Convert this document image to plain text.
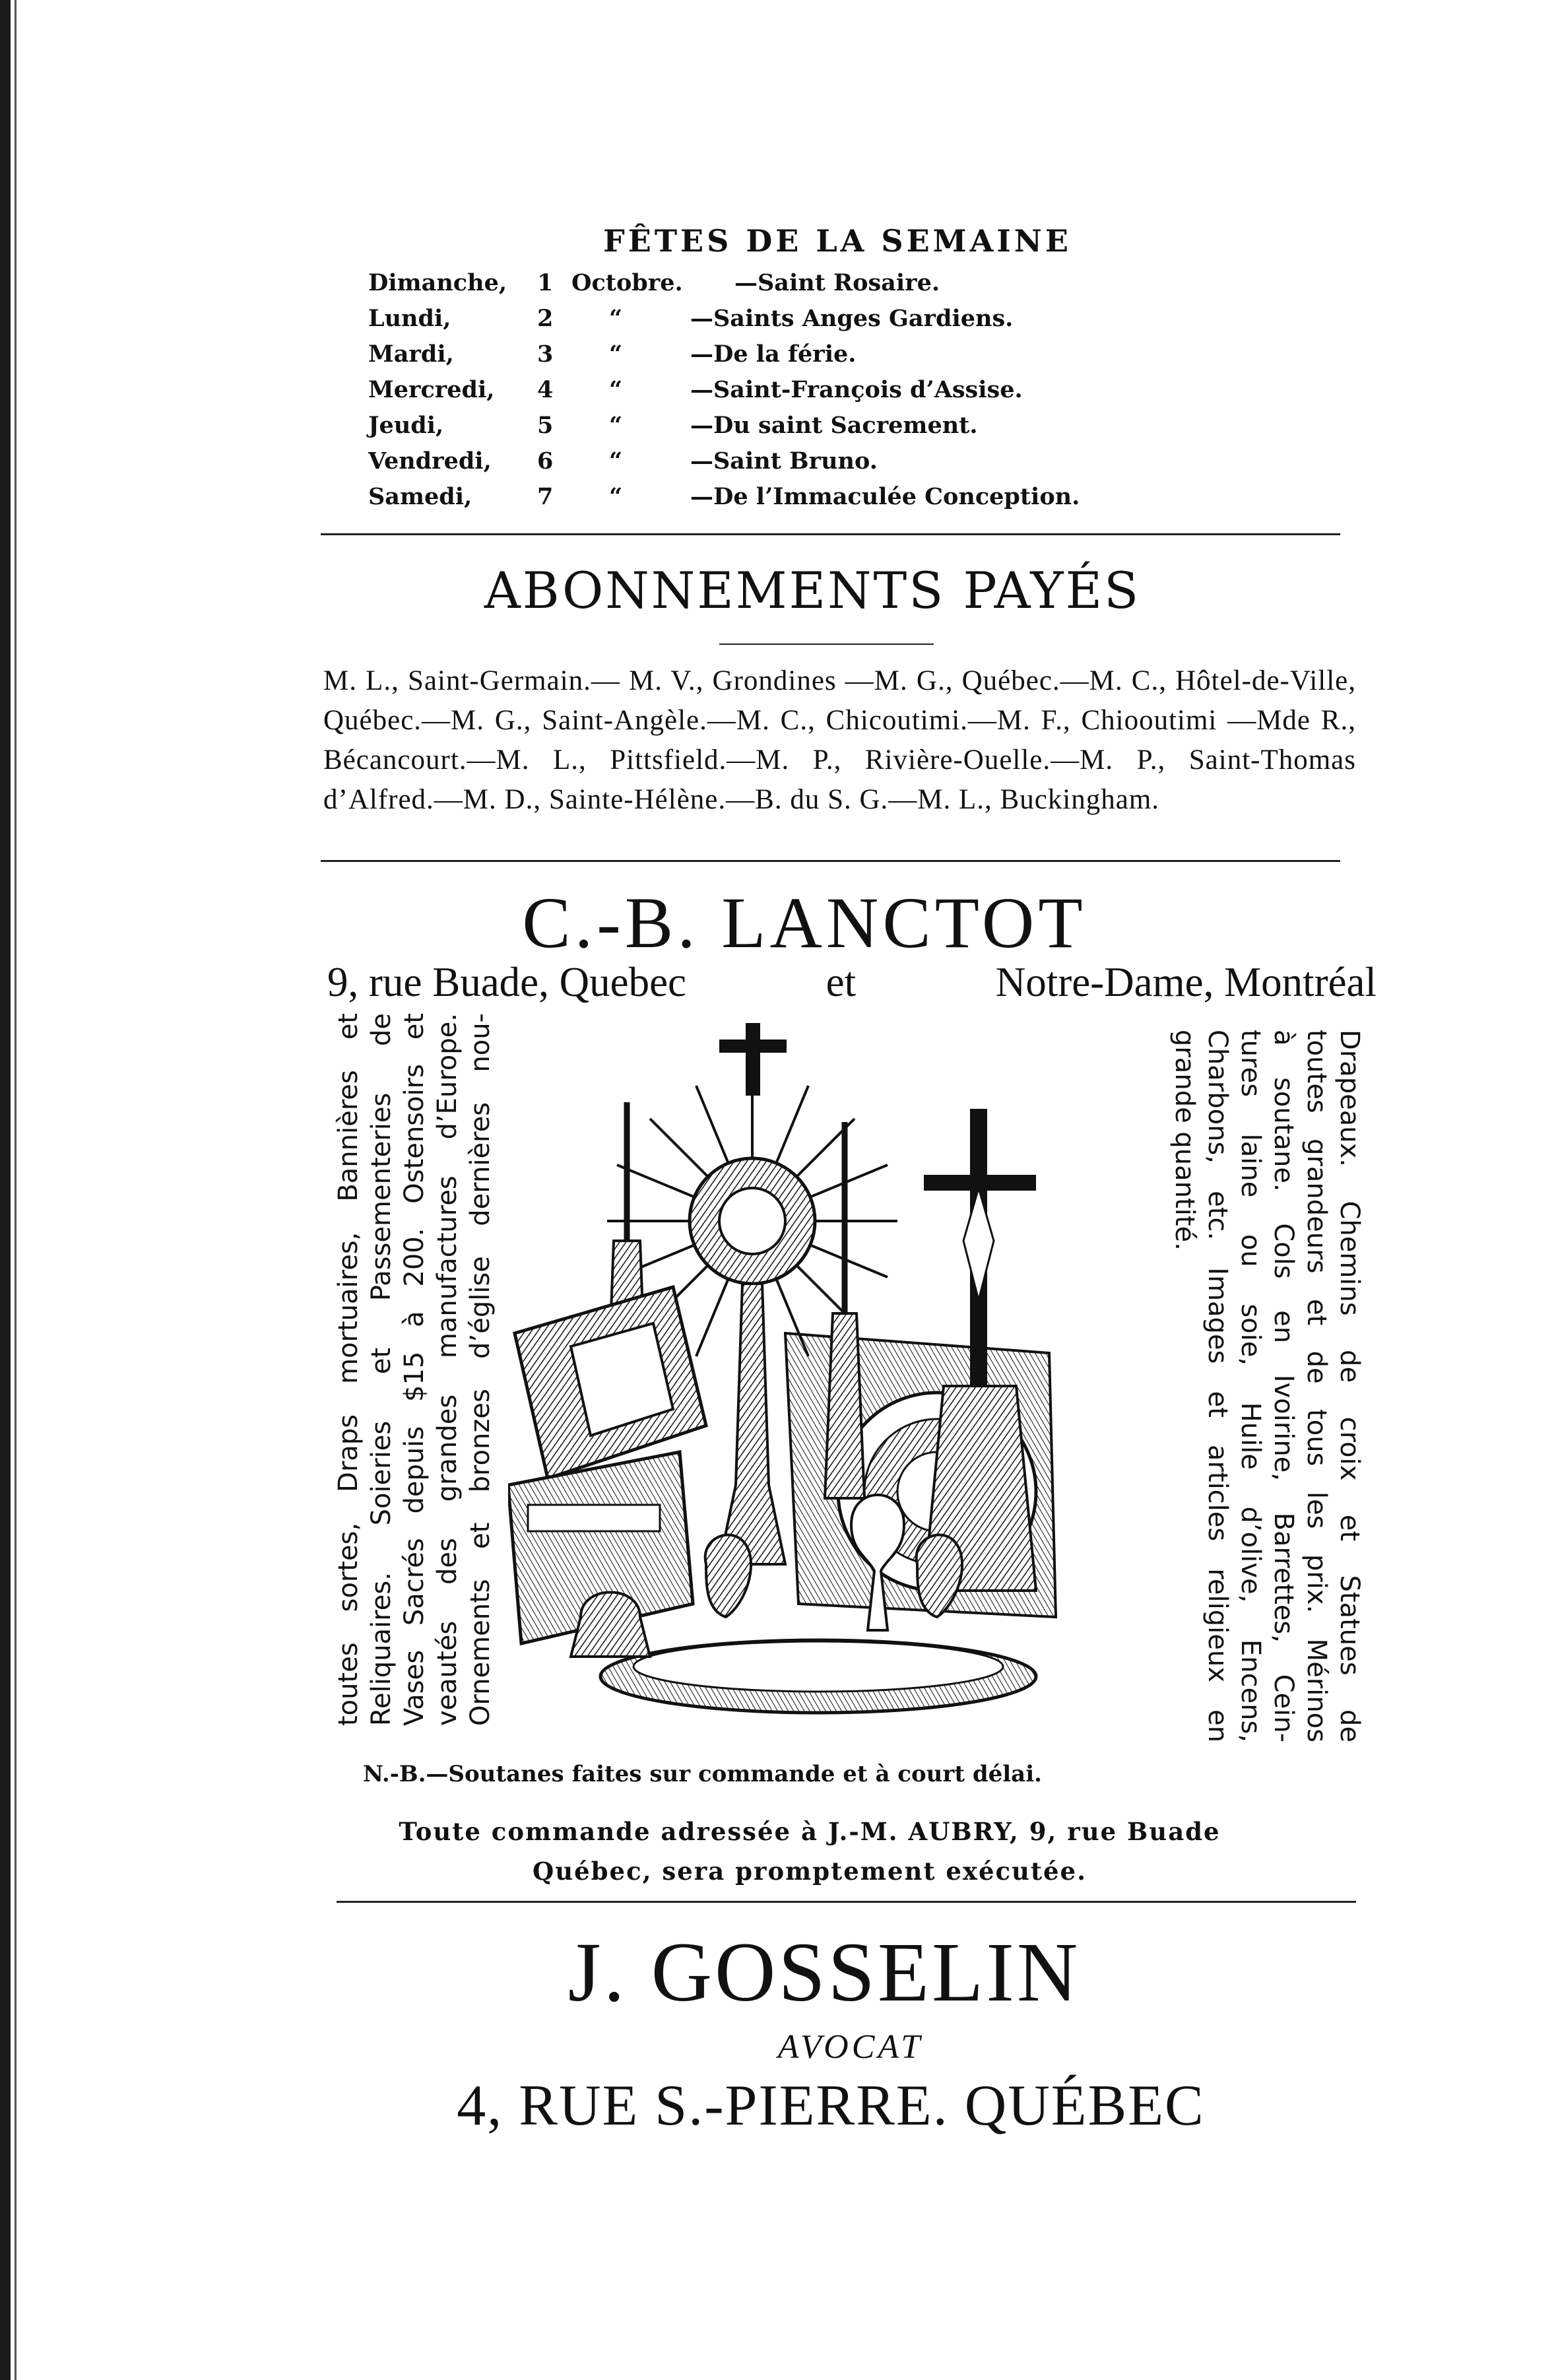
FÊTES DE LA SEMAINE
Dimanche, 1 Octobre. —Saint Rosaire.
Lundi,	2 “	—Saints Anges Gardiens.
Mardi,	3 “	—De la férie.
Mercredi, 4 “	—Saint-François d’Assise.
Jeudi,	5 “	—Du saint Sacrement.
Vendredi, 6 “	—Saint Bruno.
Samedi,	7 “	—De l’Immaculée Conception.
ABONNEMENTS PAYÉS
M. L., Saint-Germain.— M. V., Grondines —M. G., Québec.—M. C., Hôtel-de-Ville, Québec.—M. G., Saint-Angèle.—M. C., Chicoutimi.—M. F., Chiooutimi —Mde R., Bécancourt.—M. L., Pittsfield.—M. P., Rivière-Ouelle.—M. P., Saint-Thomas d’Alfred.—M. D., Sainte-Hélène.—B. du S. G.—M. L., Buckingham.
C.-B. LANCTOT
9, rue Buade, Quebec	et	Notre-Dame, Montréal
toutes sortes, Draps mortuaires, Bannières et Reliquaires. Soieries et Passementeries de Vases Sacrés depuis $15 à 200. Ostensoirs et veautés des grandes manufactures d’Europe. Ornements et bronzes d’église dernières nou-	Drapeaux. Chemins de croix et Statues de
toutes grandeurs et de tous les prix. Mérinos
à soutane. Cols en Ivoirine, Barrettes, Cein-
tures laine ou soie, Huile d’olive, Encens,
Charbons, etc. Images et articles religieux en
grande quantité.
N.-B.—Soutanes faites sur commande et à court délai.
Toute commande adressée à J.-M. AUBRY, 9, rue Buade
Québec, sera promptement exécutée.
J. GOSSELIN
AVOCAT
4, RUE S.-PIERRE. QUÉBEC
